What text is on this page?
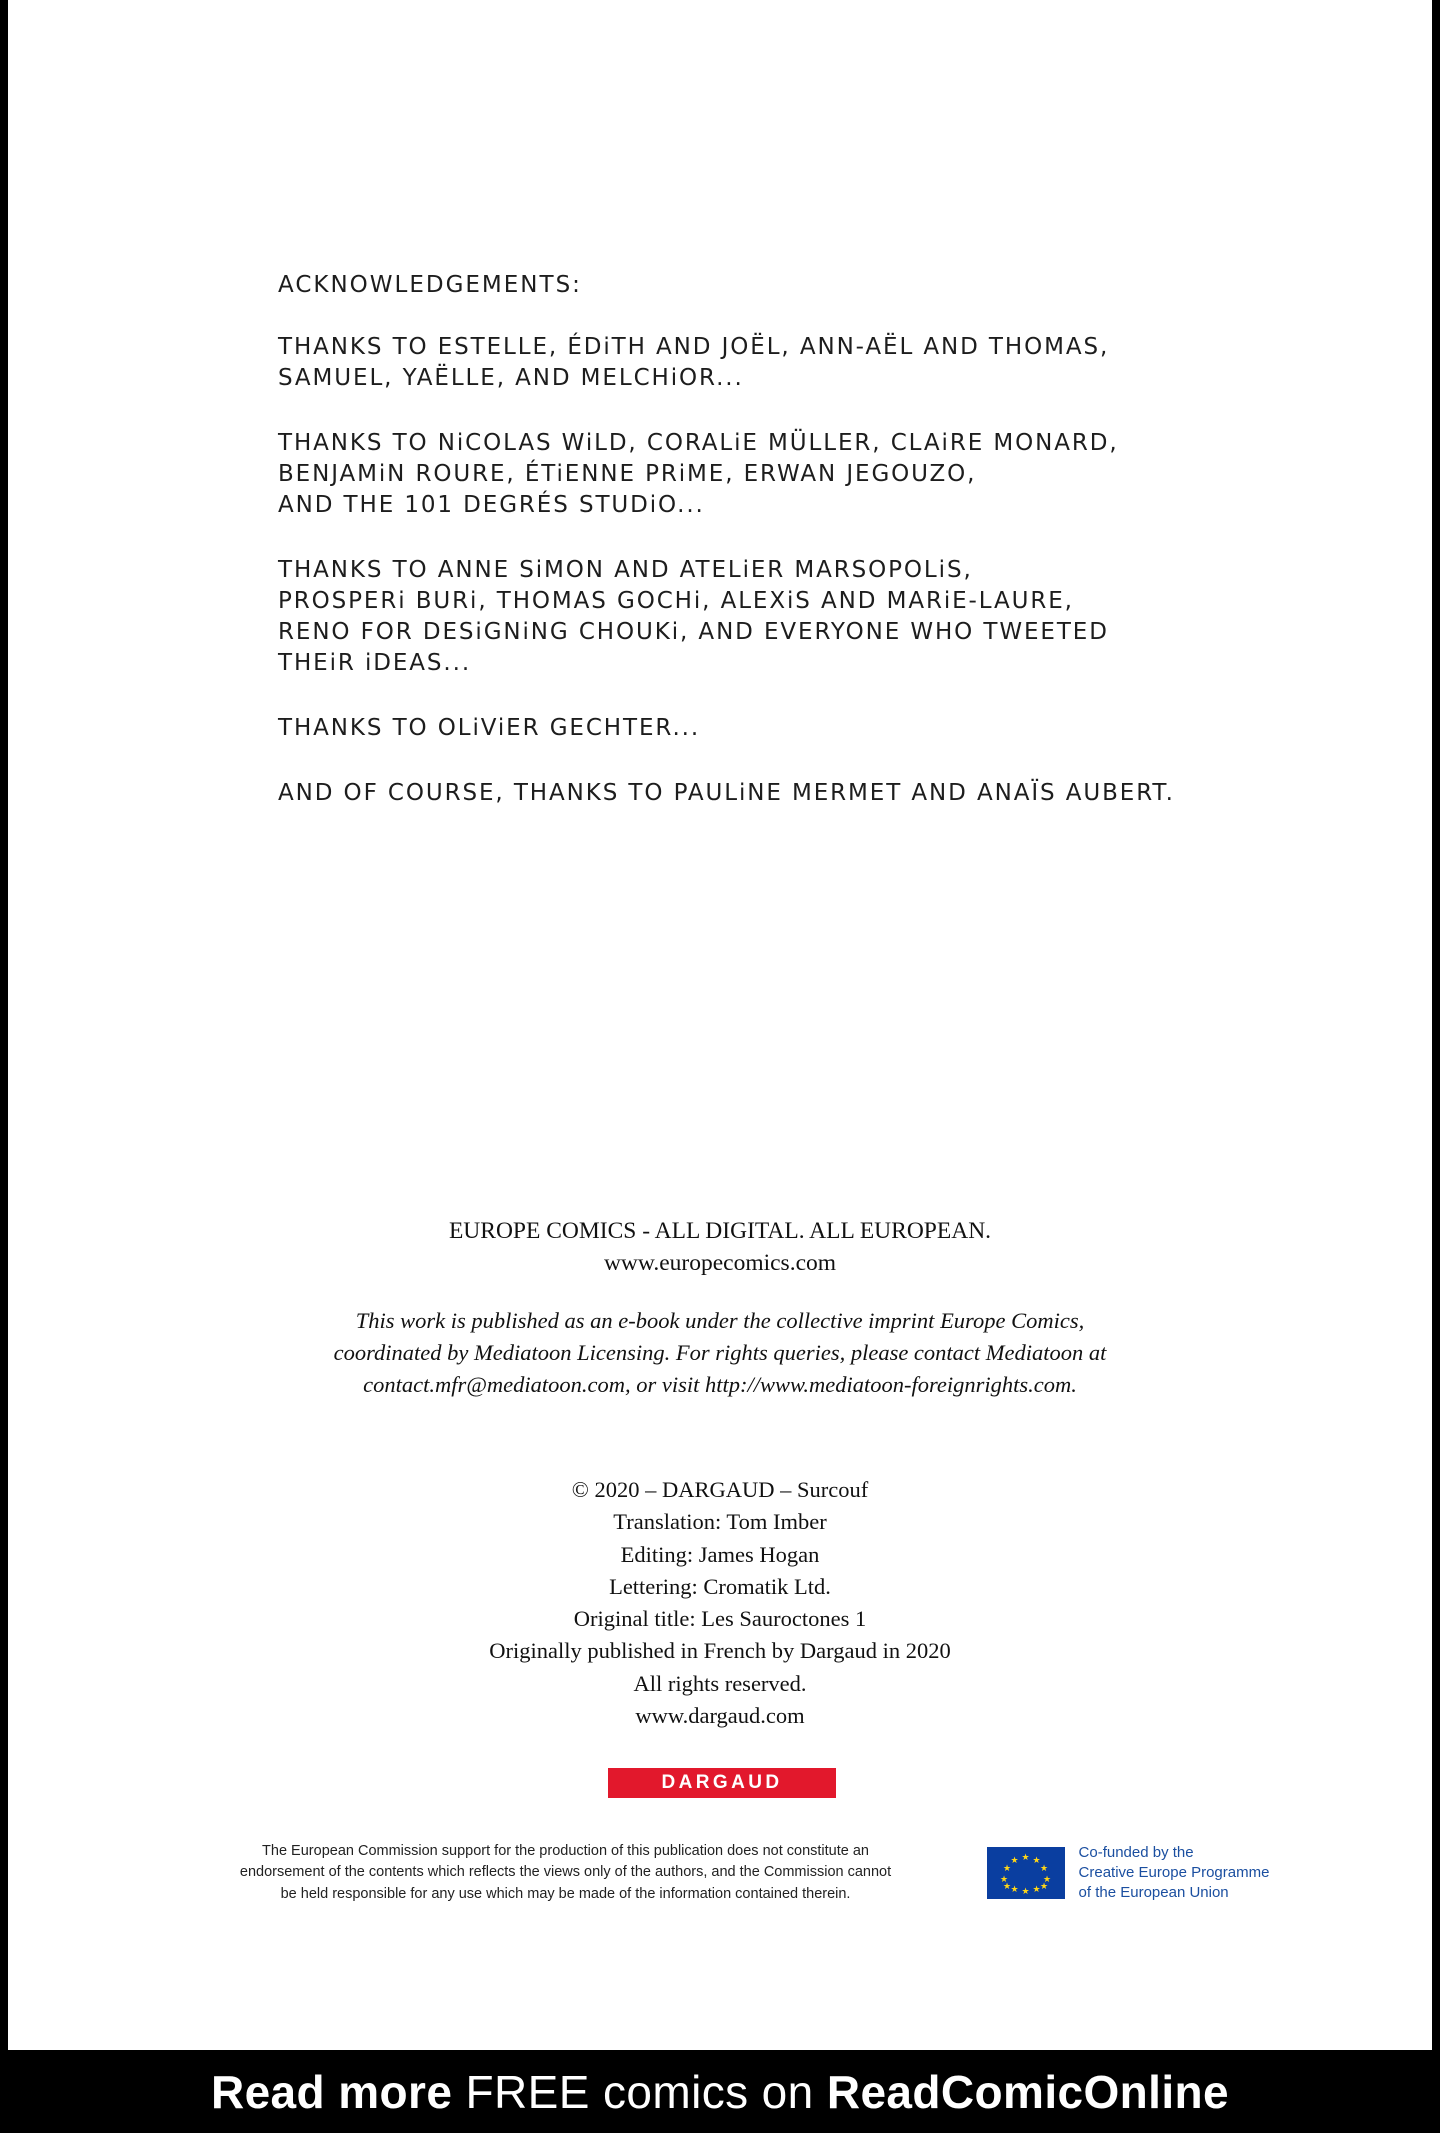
ACKNOWLEDGEMENTS:
THANKS TO ESTELLE, ÉDiTH AND JOËL, ANN-AËL AND THOMAS,
SAMUEL, YAËLLE, AND MELCHiOR...
THANKS TO NiCOLAS WiLD, CORALiE MÜLLER, CLAiRE MONARD,
BENJAMiN ROURE, ÉTiENNE PRiME, ERWAN JEGOUZO,
AND THE 101 DEGRÉS STUDiO...
THANKS TO ANNE SiMON AND ATELiER MARSOPOLiS,
PROSPERi BURi, THOMAS GOCHi, ALEXiS AND MARiE-LAURE,
RENO FOR DESiGNiNG CHOUKi, AND EVERYONE WHO TWEETED
THEiR iDEAS...
THANKS TO OLiViER GECHTER...
AND OF COURSE, THANKS TO PAULiNE MERMET AND ANAÏS AUBERT.
EUROPE COMICS - ALL DIGITAL. ALL EUROPEAN.
www.europecomics.com
This work is published as an e-book under the collective imprint Europe Comics,
coordinated by Mediatoon Licensing. For rights queries, please contact Mediatoon at
contact.mfr@mediatoon.com, or visit http://www.mediatoon-foreignrights.com.
© 2020 – DARGAUD – Surcouf
Translation: Tom Imber
Editing: James Hogan
Lettering: Cromatik Ltd.
Original title: Les Sauroctones 1
Originally published in French by Dargaud in 2020
All rights reserved.
www.dargaud.com
DARGAUD
The European Commission support for the production of this publication does not constitute an
endorsement of the contents which reflects the views only of the authors, and the Commission cannot
be held responsible for any use which may be made of the information contained therein.
★ ★
★
★
★
★
★
★
★
★
★
★	Co-funded by the
Creative Europe Programme
of the European Union
Read more FREE comics on ReadComicOnline
